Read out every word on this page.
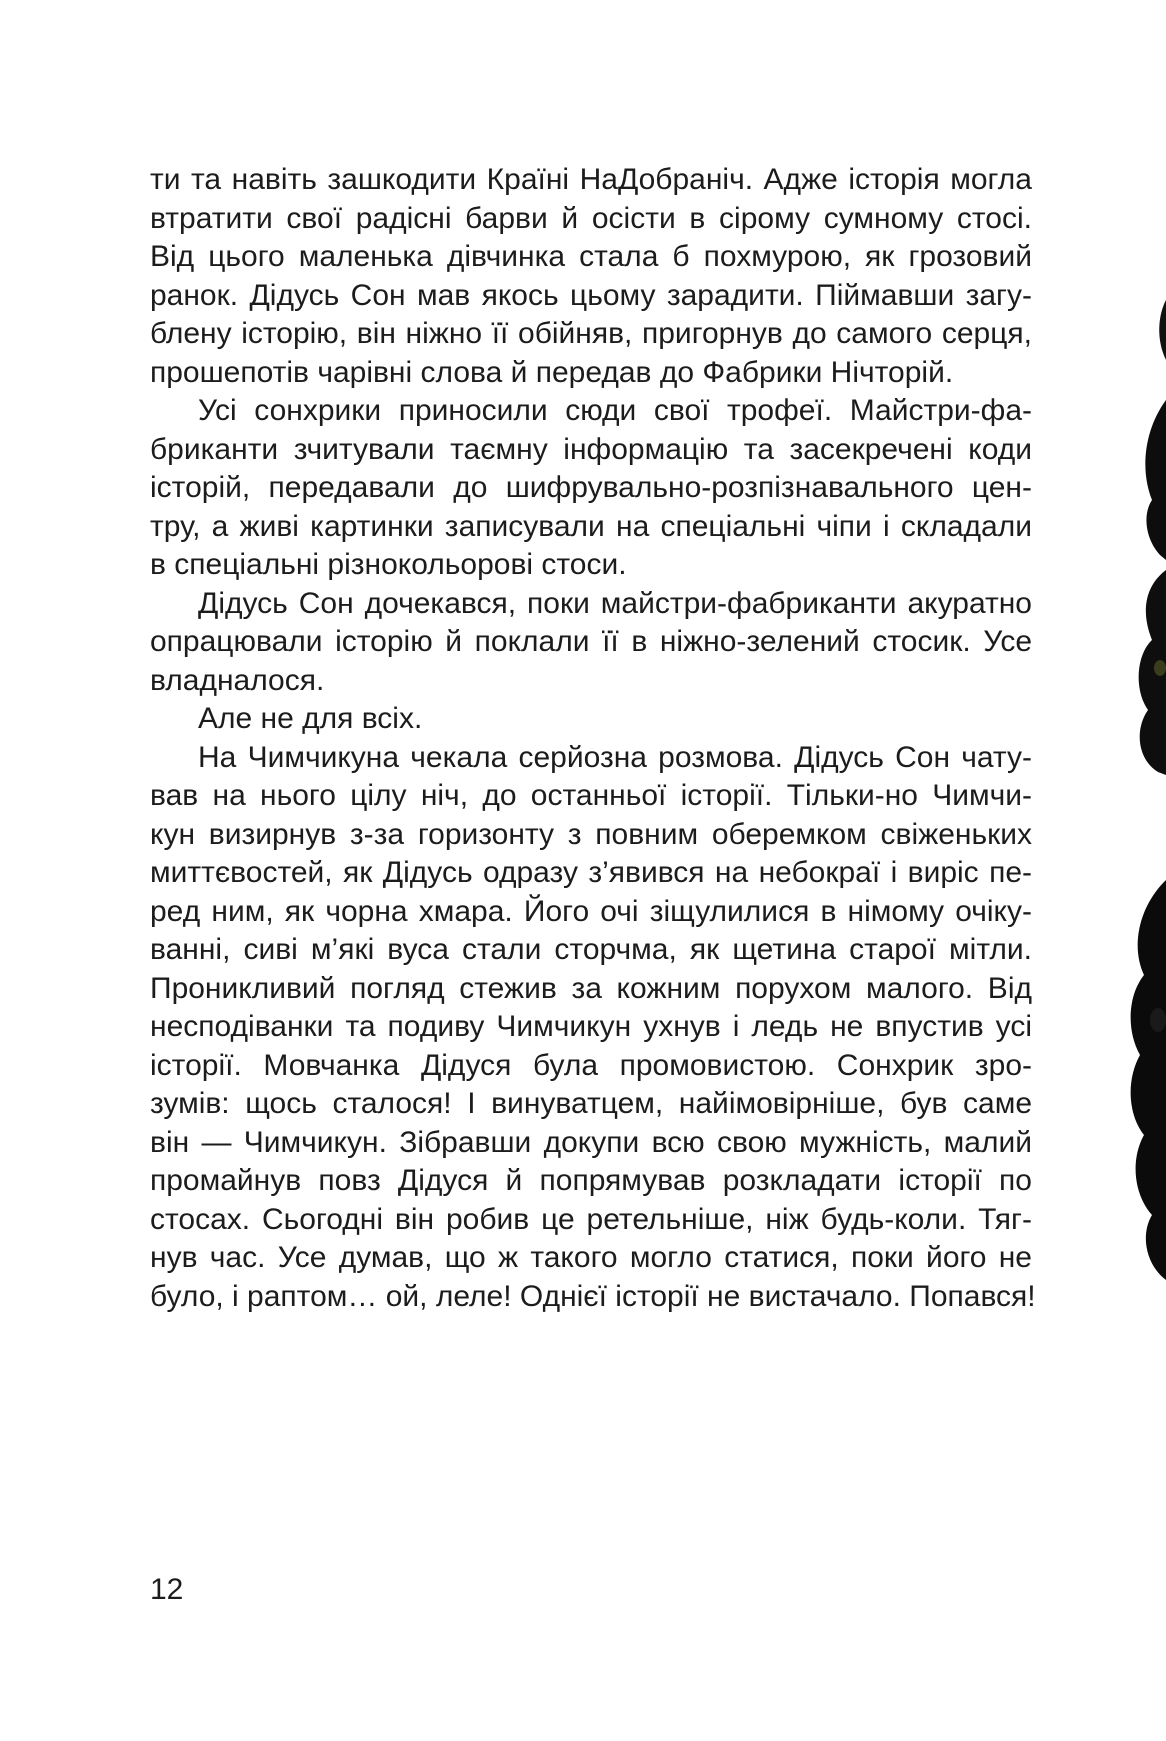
ти та навіть зашкодити Країні НаДобраніч. Адже історія могла
втратити свої радісні барви й осісти в сірому сумному стосі.
Від цього маленька дівчинка стала б похмурою, як грозовий
ранок. Дідусь Сон мав якось цьому зарадити. Піймавши загу-
блену історію, він ніжно її обійняв, пригорнув до самого серця,
прошепотів чарівні слова й передав до Фабрики Нічторій.
Усі сонхрики приносили сюди свої трофеї. Майстри-фа-
бриканти зчитували таємну інформацію та засекречені коди
історій, передавали до шифрувально-розпізнавального цен-
тру, а живі картинки записували на спеціальні чіпи і складали
в спеціальні різнокольорові стоси.
Дідусь Сон дочекався, поки майстри-фабриканти акуратно
опрацювали історію й поклали її в ніжно-зелений стосик. Усе
владналося.
Але не для всіх.
На Чимчикуна чекала серйозна розмова. Дідусь Сон чату-
вав на нього цілу ніч, до останньої історії. Тільки-но Чимчи-
кун визирнув з-за горизонту з повним оберемком свіженьких
миттєвостей, як Дідусь одразу з’явився на небокраї і виріс пе-
ред ним, як чорна хмара. Його очі зіщулилися в німому очіку-
ванні, сиві м’які вуса стали сторчма, як щетина старої мітли.
Проникливий погляд стежив за кожним порухом малого. Від
несподіванки та подиву Чимчикун ухнув і ледь не впустив усі
історії. Мовчанка Дідуся була промовистою. Сонхрик зро-
зумів: щось сталося! І винуватцем, найімовірніше, був саме
він — Чимчикун. Зібравши докупи всю свою мужність, малий
промайнув повз Дідуся й попрямував розкладати історії по
стосах. Сьогодні він робив це ретельніше, ніж будь-коли. Тяг-
нув час. Усе думав, що ж такого могло статися, поки його не
було, і раптом… ой, леле! Однієї історії не вистачало. Попався!
12
